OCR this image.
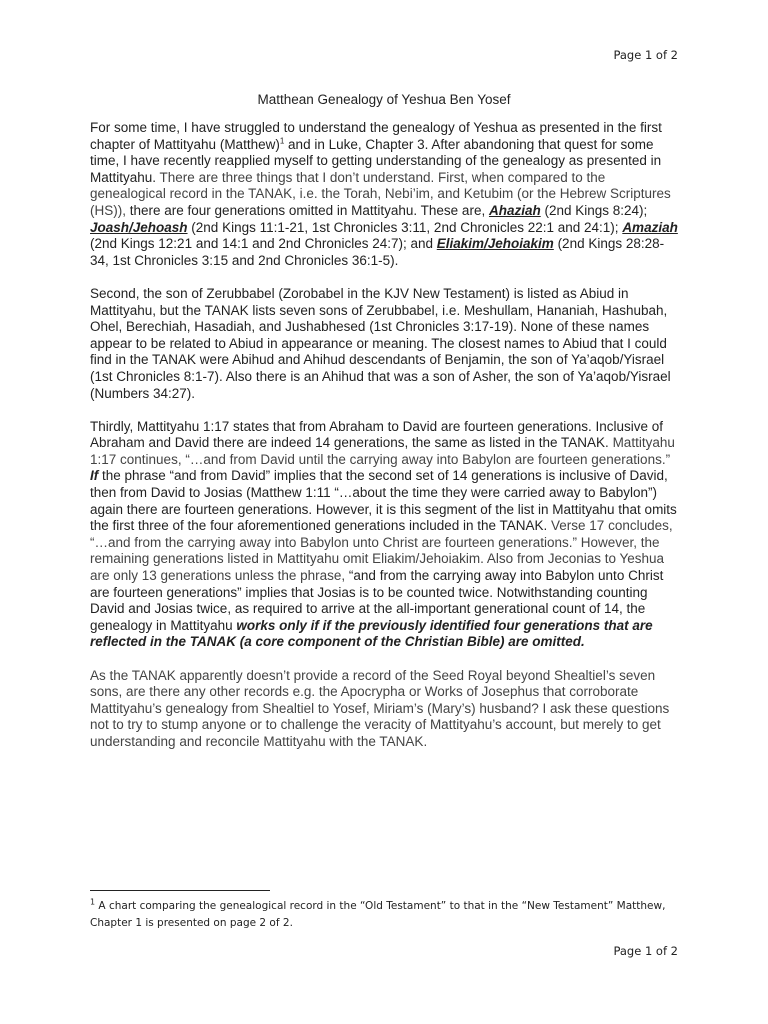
Page 1 of 2
Matthean Genealogy of Yeshua Ben Yosef

For some time, I have struggled to understand the genealogy of Yeshua as presented in the first chapter of Mattityahu (Matthew)$^1$ and in Luke, Chapter 3. After abandoning that quest for some time, I have recently reapplied myself to getting understanding of the genealogy as presented in Mattityahu. There are three things that I don’t understand. First, when compared to the genealogical record in the TANAK, i.e. the Torah, Nebi’im, and Ketubim (or the Hebrew Scriptures (HS)), there are four generations omitted in Mattityahu. These are, Ahaziah (2nd Kings 8:24); Joash/Jehoash (2nd Kings 11:1-21, 1st Chronicles 3:11, 2nd Chronicles 22:1 and 24:1); Amaziah (2nd Kings 12:21 and 14:1 and 2nd Chronicles 24:7); and Eliakim/Jehoiakim (2nd Kings 28:28-34, 1st Chronicles 3:15 and 2nd Chronicles 36:1-5).

Second, the son of Zerubbabel (Zorobabel in the KJV New Testament) is listed as Abiud in Mattityahu, but the TANAK lists seven sons of Zerubbabel, i.e. Meshullam, Hananiah, Hashubah, Ohel, Berechiah, Hasadiah, and Jushabhesed (1st Chronicles 3:17-19). None of these names appear to be related to Abiud in appearance or meaning. The closest names to Abiud that I could find in the TANAK were Abihud and Ahihud descendants of Benjamin, the son of Ya’aqob/Yisrael (1st Chronicles 8:1-7). Also there is an Ahihud that was a son of Asher, the son of Ya’aqob/Yisrael (Numbers 34:27).

Thirdly, Mattityahu 1:17 states that from Abraham to David are fourteen generations. Inclusive of Abraham and David there are indeed 14 generations, the same as listed in the TANAK. Mattityahu 1:17 continues, “…and from David until the carrying away into Babylon are fourteen generations.” If the phrase “and from David” implies that the second set of 14 generations is inclusive of David, then from David to Josias (Matthew 1:11 “…about the time they were carried away to Babylon”) again there are fourteen generations. However, it is this segment of the list in Mattityahu that omits the first three of the four aforementioned generations included in the TANAK. Verse 17 concludes, “…and from the carrying away into Babylon unto Christ are fourteen generations.” However, the remaining generations listed in Mattityahu omit Eliakim/Jehoiakim. Also from Jeconias to Yeshua are only 13 generations unless the phrase, “and from the carrying away into Babylon unto Christ are fourteen generations” implies that Josias is to be counted twice. Notwithstanding counting David and Josias twice, as required to arrive at the all-important generational count of 14, the genealogy in Mattityahu works only if if the previously identified four generations that are reflected in the TANAK (a core component of the Christian Bible) are omitted.

As the TANAK apparently doesn’t provide a record of the Seed Royal beyond Shealtiel’s seven sons, are there any other records e.g. the Apocrypha or Works of Josephus that corroborate Mattityahu’s genealogy from Shealtiel to Yosef, Miriam’s (Mary’s) husband? I ask these questions not to try to stump anyone or to challenge the veracity of Mattityahu’s account, but merely to get understanding and reconcile Mattityahu with the TANAK.

$^1$ A chart comparing the genealogical record in the “Old Testament” to that in the “New Testament” Matthew, Chapter 1 is presented on page 2 of 2.
Page 1 of 2
